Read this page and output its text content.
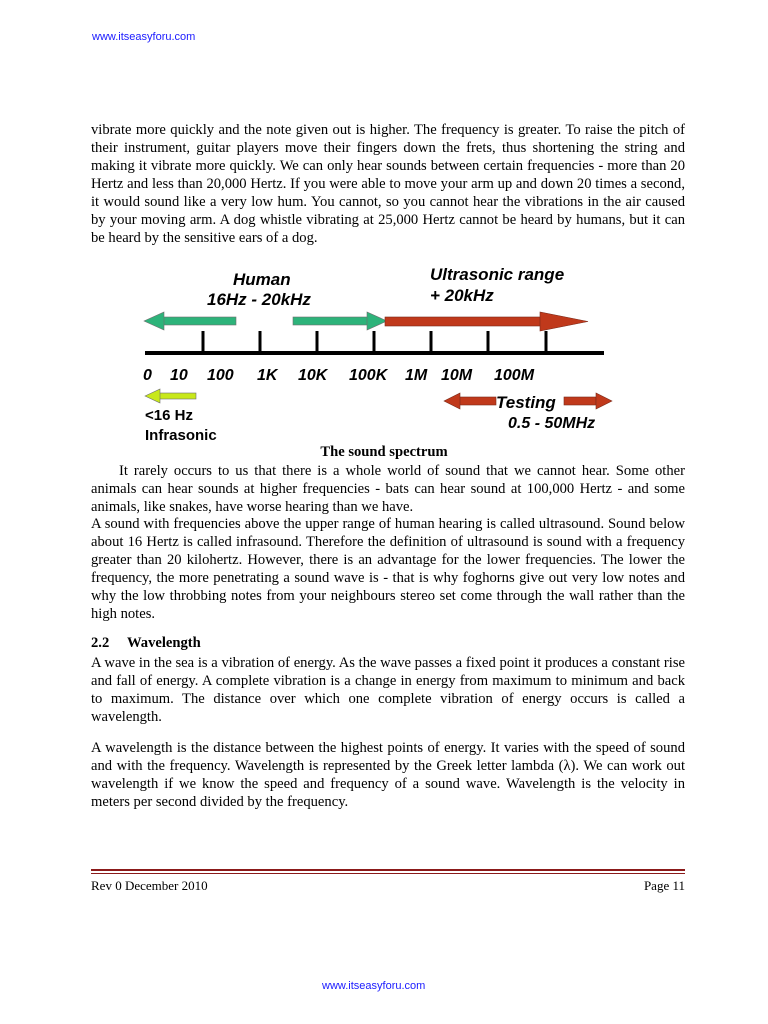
www.itseasyforu.com

vibrate more quickly and the note given out is higher. The frequency is greater. To raise the pitch of their instrument, guitar players move their fingers down the frets, thus shortening the string and making it vibrate more quickly. We can only hear sounds between certain frequencies - more than 20 Hertz and less than 20,000 Hertz. If you were able to move your arm up and down 20 times a second, it would sound like a very low hum. You cannot, so you cannot hear the vibrations in the air caused by your moving arm. A dog whistle vibrating at 25,000 Hertz cannot be heard by humans, but it can be heard by the sensitive ears of a dog.

Human
16Hz - 20kHz
Ultrasonic range
+ 20kHz
0 10 100 1K 10K 100K 1M 10M 100M
<16 Hz
Infrasonic
Testing
0.5 - 50MHz
The sound spectrum

It rarely occurs to us that there is a whole world of sound that we cannot hear. Some other animals can hear sounds at higher frequencies - bats can hear sound at 100,000 Hertz - and some animals, like snakes, have worse hearing than we have.

A sound with frequencies above the upper range of human hearing is called ultrasound. Sound below about 16 Hertz is called infrasound. Therefore the definition of ultrasound is sound with a frequency greater than 20 kilohertz. However, there is an advantage for the lower frequencies. The lower the frequency, the more penetrating a sound wave is - that is why foghorns give out very low notes and why the low throbbing notes from your neighbours stereo set come through the wall rather than the high notes.

2.2 Wavelength

A wave in the sea is a vibration of energy. As the wave passes a fixed point it produces a constant rise and fall of energy. A complete vibration is a change in energy from maximum to minimum and back to maximum. The distance over which one complete vibration of energy occurs is called a wavelength.

A wavelength is the distance between the highest points of energy. It varies with the speed of sound and with the frequency. Wavelength is represented by the Greek letter lambda (λ). We can work out wavelength if we know the speed and frequency of a sound wave. Wavelength is the velocity in meters per second divided by the frequency.

Rev 0 December 2010	Page 11
www.itseasyforu.com
